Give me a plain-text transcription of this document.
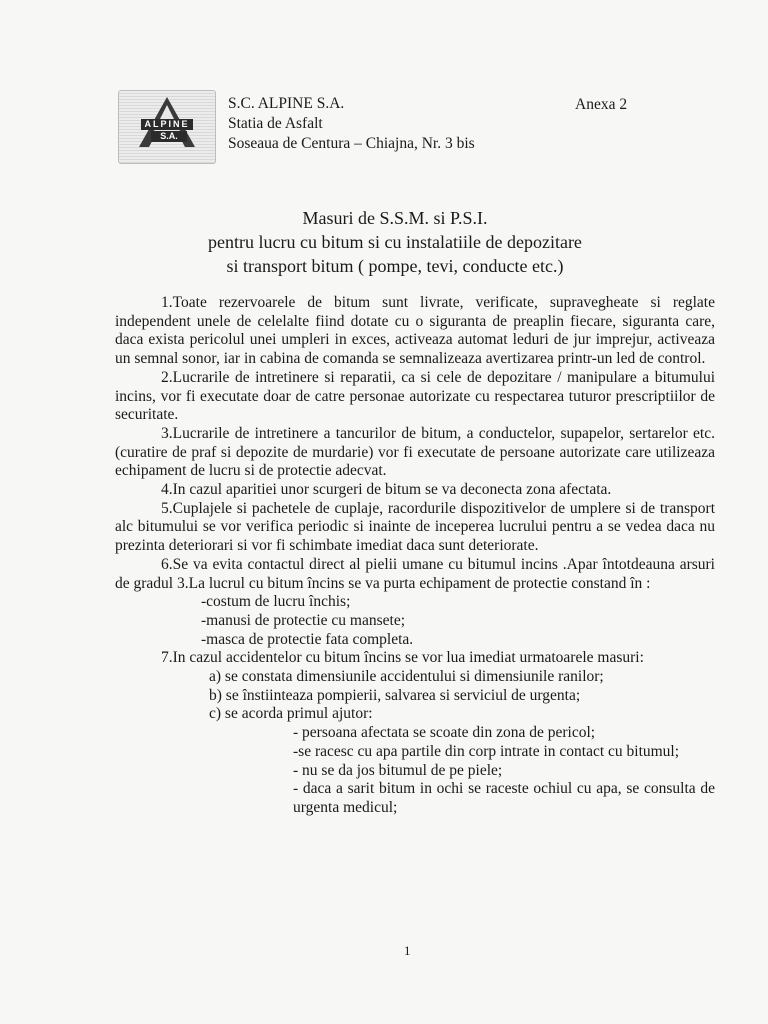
ALPINE
S.A.
S.C. ALPINE S.A.
Statia de Asfalt
Soseaua de Centura – Chiajna, Nr. 3 bis
Anexa 2
Masuri de S.S.M. si P.S.I.
pentru lucru cu bitum si cu instalatiile de depozitare
si transport bitum ( pompe, tevi, conducte etc.)

1.Toate rezervoarele de bitum sunt livrate, verificate, supravegheate si reglate independent unele de celelalte fiind dotate cu o siguranta de preaplin fiecare, siguranta care, daca exista pericolul unei umpleri in exces, activeaza automat leduri de jur imprejur, activeaza un semnal sonor, iar in cabina de comanda se semnalizeaza avertizarea printr-un led de control.

2.Lucrarile de intretinere si reparatii, ca si cele de depozitare / manipulare a bitumului incins, vor fi executate doar de catre personae autorizate cu respectarea tuturor prescriptiilor de securitate.

3.Lucrarile de intretinere a tancurilor de bitum, a conductelor, supapelor, sertarelor etc.(curatire de praf si depozite de murdarie) vor fi executate de persoane autorizate care utilizeaza echipament de lucru si de protectie adecvat.

4.In cazul aparitiei unor scurgeri de bitum se va deconecta zona afectata.

5.Cuplajele si pachetele de cuplaje, racordurile dispozitivelor de umplere si de transport alc bitumului se vor verifica periodic si inainte de inceperea lucrului pentru a se vedea daca nu prezinta deteriorari si vor fi schimbate imediat daca sunt deteriorate.

6.Se va evita contactul direct al pielii umane cu bitumul incins .Apar întotdeauna arsuri de gradul 3.La lucrul cu bitum încins se va purta echipament de protectie constand în :

-costum de lucru închis;

-manusi de protectie cu mansete;

-masca de protectie fata completa.

7.In cazul accidentelor cu bitum încins se vor lua imediat urmatoarele masuri:

a) se constata dimensiunile accidentului si dimensiunile ranilor;

b) se înstiinteaza pompierii, salvarea si serviciul de urgenta;

c) se acorda primul ajutor:

- persoana afectata se scoate din zona de pericol;

-se racesc cu apa partile din corp intrate in contact cu bitumul;

- nu se da jos bitumul de pe piele;

- daca a sarit bitum in ochi se raceste ochiul cu apa, se consulta de urgenta medicul;

1
